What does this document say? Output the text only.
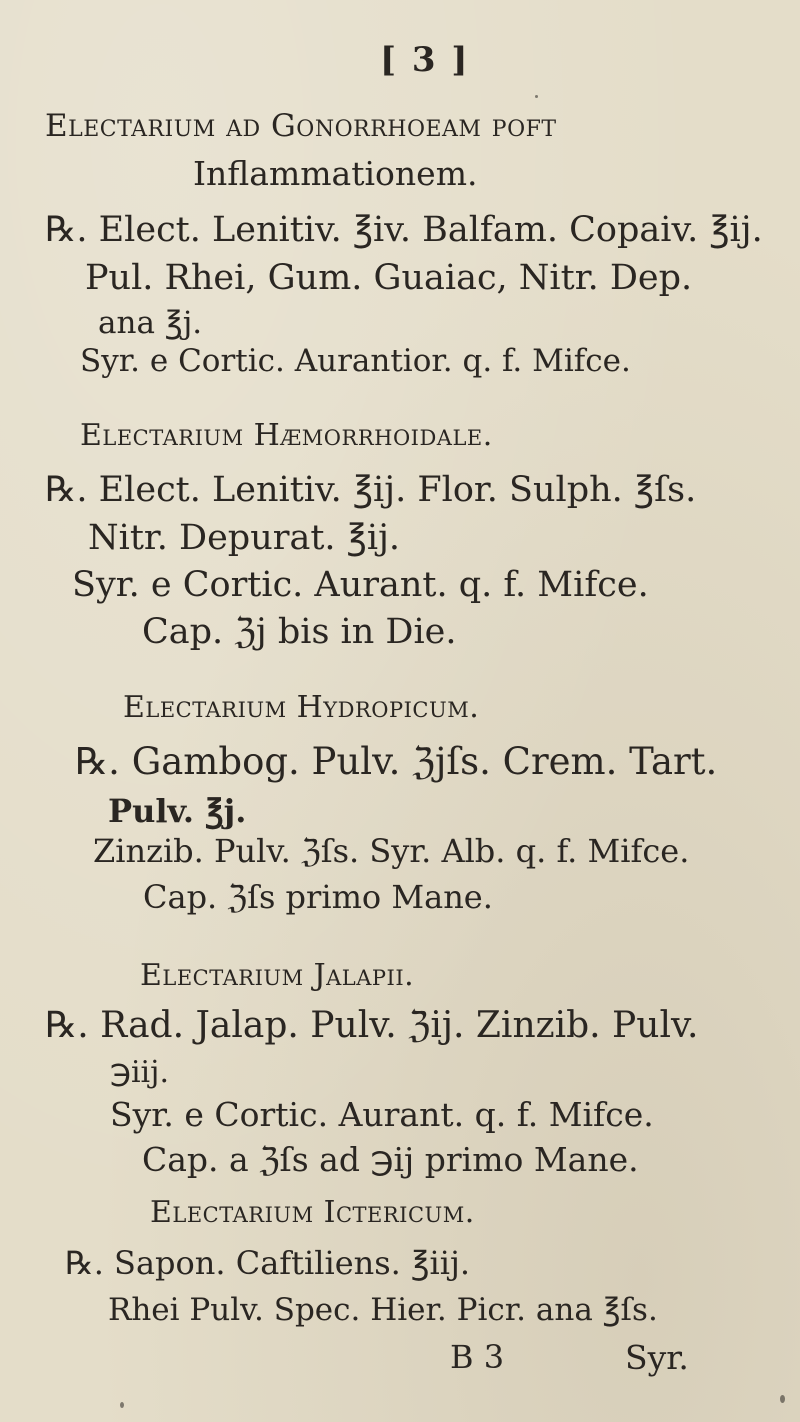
[ 3 ]
Electarium ad Gonorrhoeam poft
Inflammationem.
℞. Elect. Lenitiv. ℥iv. Balfam. Copaiv. ℥ij.
Pul. Rhei, Gum. Guaiac, Nitr. Dep.
ana ℥j.
Syr. e Cortic. Aurantior. q. f. Mifce.
Electarium Hæmorrhoidale.
℞. Elect. Lenitiv. ℥ij. Flor. Sulph. ℥ſs.
Nitr. Depurat. ℥ij.
Syr. e Cortic. Aurant. q. f. Mifce.
Cap. ℨj bis in Die.
Electarium Hydropicum.
℞. Gambog. Pulv. ℨjſs. Crem. Tart.
Pulv. ℥j.
Zinzib. Pulv. ℨſs. Syr. Alb. q. f. Mifce.
Cap. ℨſs primo Mane.
Electarium Jalapii.
℞. Rad. Jalap. Pulv. ℨij. Zinzib. Pulv.
℈iij.
Syr. e Cortic. Aurant. q. f. Mifce.
Cap. a ℨſs ad ℈ij primo Mane.
Electarium Ictericum.
℞. Sapon. Caftiliens. ℥iij.
Rhei Pulv. Spec. Hier. Picr. ana ℥ſs.
B 3	Syr.
